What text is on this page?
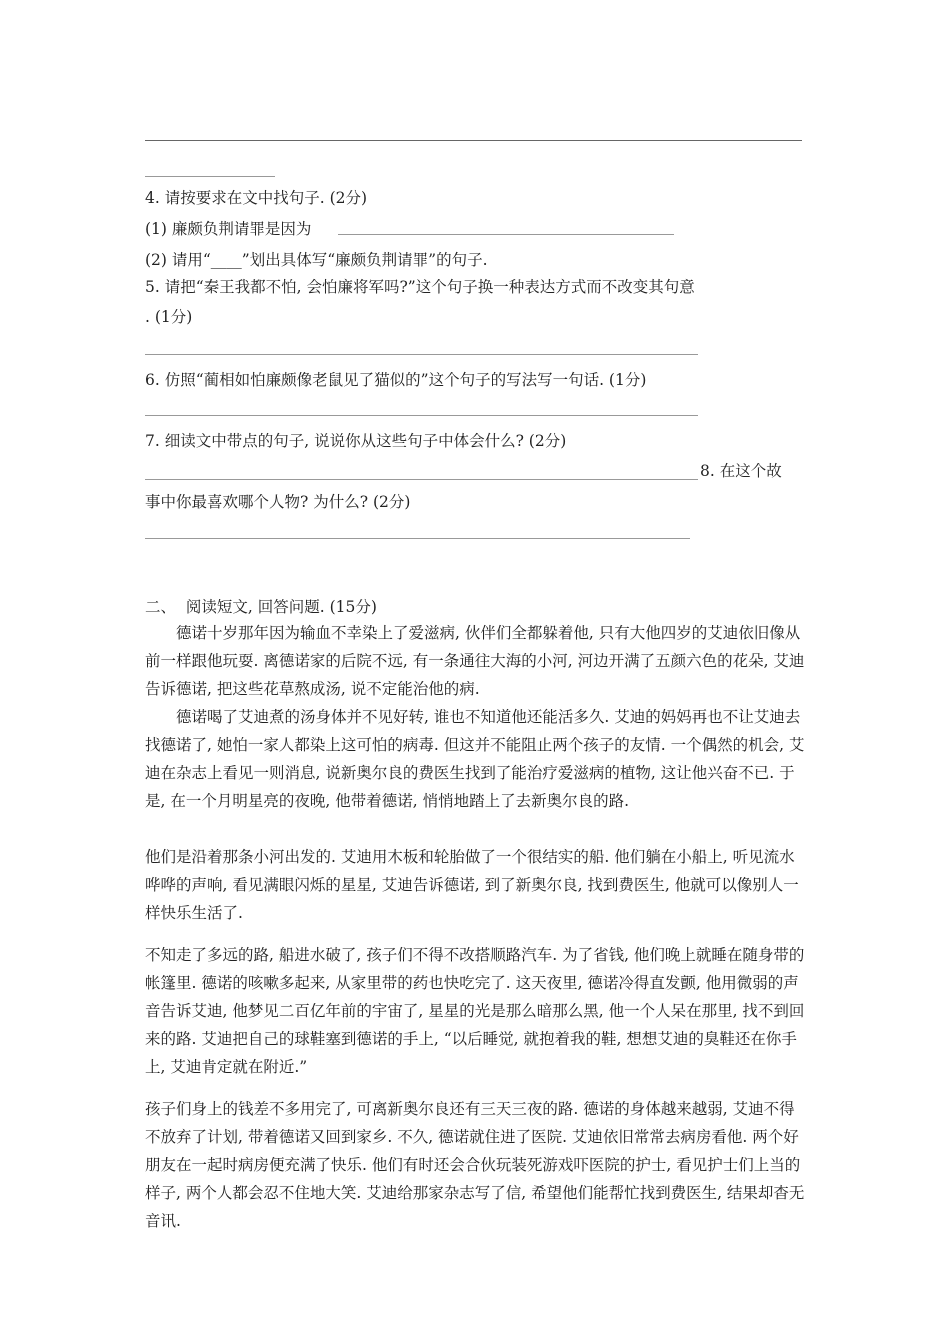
4. 请按要求在文中找句子. (2分)
(1) 廉颇负荆请罪是因为
(2) 请用“____”划出具体写“廉颇负荆请罪”的句子.
5. 请把“秦王我都不怕, 会怕廉将军吗?”这个句子换一种表达方式而不改变其句意
. (1分)
6. 仿照“蔺相如怕廉颇像老鼠见了猫似的”这个句子的写法写一句话. (1分)
7. 细读文中带点的句子, 说说你从这些句子中体会什么? (2分)
8. 在这个故
事中你最喜欢哪个人物? 为什么? (2分)
二、  阅读短文, 回答问题. (15分)

德诺十岁那年因为输血不幸染上了爱滋病, 伙伴们全都躲着他, 只有大他四岁的艾迪依旧像从前一样跟他玩耍. 离德诺家的后院不远, 有一条通往大海的小河, 河边开满了五颜六色的花朵, 艾迪告诉德诺, 把这些花草熬成汤, 说不定能治他的病.

德诺喝了艾迪煮的汤身体并不见好转, 谁也不知道他还能活多久. 艾迪的妈妈再也不让艾迪去找德诺了, 她怕一家人都染上这可怕的病毒. 但这并不能阻止两个孩子的友情. 一个偶然的机会, 艾迪在杂志上看见一则消息, 说新奥尔良的费医生找到了能治疗爱滋病的植物, 这让他兴奋不已. 于是, 在一个月明星亮的夜晚, 他带着德诺, 悄悄地踏上了去新奥尔良的路.

他们是沿着那条小河出发的. 艾迪用木板和轮胎做了一个很结实的船. 他们躺在小船上, 听见流水哗哗的声响, 看见满眼闪烁的星星, 艾迪告诉德诺, 到了新奥尔良, 找到费医生, 他就可以像别人一样快乐生活了.

不知走了多远的路, 船进水破了, 孩子们不得不改搭顺路汽车. 为了省钱, 他们晚上就睡在随身带的帐篷里. 德诺的咳嗽多起来, 从家里带的药也快吃完了. 这天夜里, 德诺冷得直发颤, 他用微弱的声音告诉艾迪, 他梦见二百亿年前的宇宙了, 星星的光是那么暗那么黑, 他一个人呆在那里, 找不到回来的路. 艾迪把自己的球鞋塞到德诺的手上, “以后睡觉, 就抱着我的鞋, 想想艾迪的臭鞋还在你手上, 艾迪肯定就在附近.”

孩子们身上的钱差不多用完了, 可离新奥尔良还有三天三夜的路. 德诺的身体越来越弱, 艾迪不得不放弃了计划, 带着德诺又回到家乡. 不久, 德诺就住进了医院. 艾迪依旧常常去病房看他. 两个好朋友在一起时病房便充满了快乐. 他们有时还会合伙玩装死游戏吓医院的护士, 看见护士们上当的样子, 两个人都会忍不住地大笑. 艾迪给那家杂志写了信, 希望他们能帮忙找到费医生, 结果却杳无音讯.
